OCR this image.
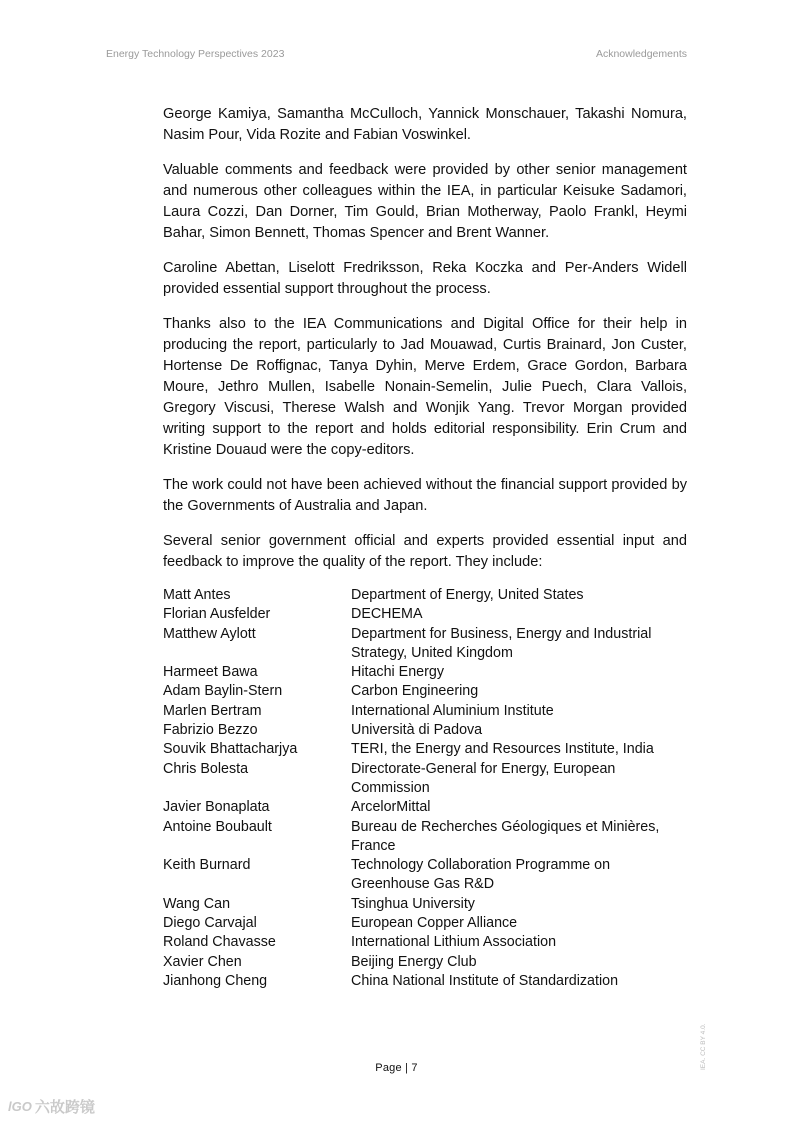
Energy Technology Perspectives 2023	Acknowledgements

George Kamiya, Samantha McCulloch, Yannick Monschauer, Takashi Nomura, Nasim Pour, Vida Rozite and Fabian Voswinkel.

Valuable comments and feedback were provided by other senior management and numerous other colleagues within the IEA, in particular Keisuke Sadamori, Laura Cozzi, Dan Dorner, Tim Gould, Brian Motherway, Paolo Frankl, Heymi Bahar, Simon Bennett, Thomas Spencer and Brent Wanner.

Caroline Abettan, Liselott Fredriksson, Reka Koczka and Per-Anders Widell provided essential support throughout the process.

Thanks also to the IEA Communications and Digital Office for their help in producing the report, particularly to Jad Mouawad, Curtis Brainard, Jon Custer, Hortense De Roffignac, Tanya Dyhin, Merve Erdem, Grace Gordon, Barbara Moure, Jethro Mullen, Isabelle Nonain-Semelin, Julie Puech, Clara Vallois, Gregory Viscusi, Therese Walsh and Wonjik Yang. Trevor Morgan provided writing support to the report and holds editorial responsibility. Erin Crum and Kristine Douaud were the copy-editors.

The work could not have been achieved without the financial support provided by the Governments of Australia and Japan.

Several senior government official and experts provided essential input and feedback to improve the quality of the report. They include:

Matt Antes	Department of Energy, United States
Florian Ausfelder	DECHEMA
Matthew Aylott	Department for Business, Energy and Industrial Strategy, United Kingdom
Harmeet Bawa	Hitachi Energy
Adam Baylin-Stern	Carbon Engineering
Marlen Bertram	International Aluminium Institute
Fabrizio Bezzo	Università di Padova
Souvik Bhattacharjya	TERI, the Energy and Resources Institute, India
Chris Bolesta	Directorate-General for Energy, European Commission
Javier Bonaplata	ArcelorMittal
Antoine Boubault	Bureau de Recherches Géologiques et Minières, France
Keith Burnard	Technology Collaboration Programme on Greenhouse Gas R&D
Wang Can	Tsinghua University
Diego Carvajal	European Copper Alliance
Roland Chavasse	International Lithium Association
Xavier Chen	Beijing Energy Club
Jianhong Cheng	China National Institute of Standardization
Page | 7	IEA. CC BY 4.0.
lGO 六故跨镜
